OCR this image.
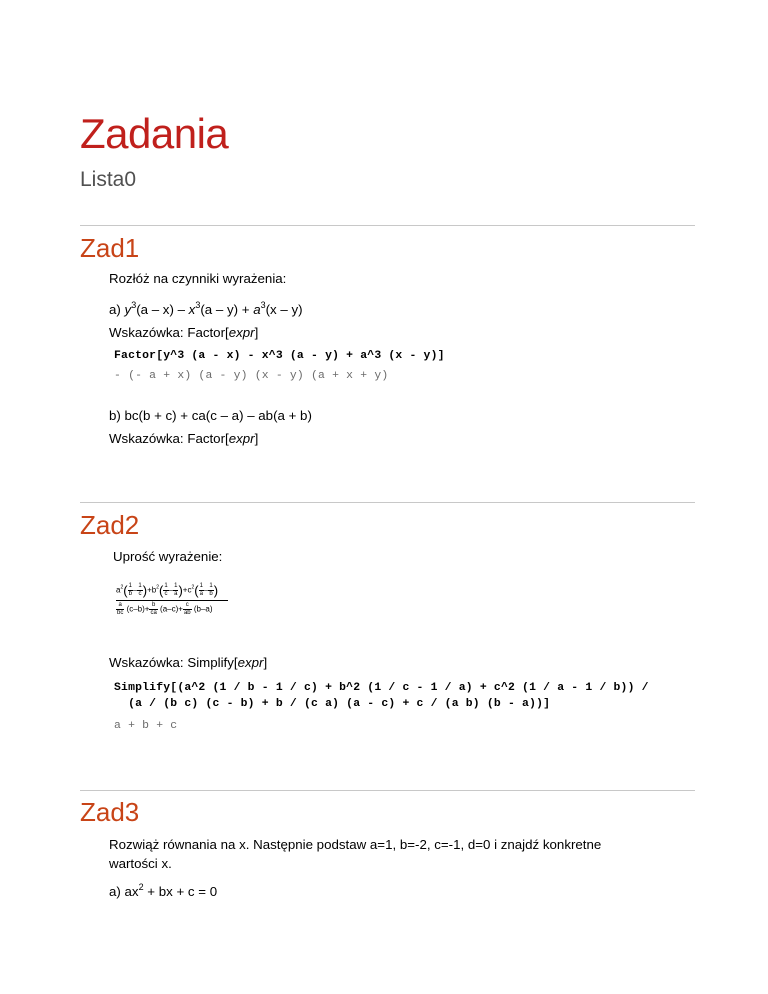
Zadania
Lista0
Zad1
Rozłóż na czynniki wyrażenia:
a) $y^3(a - x) - x^3(a - y) + a^3(x - y)$
Wskazówka: Factor[expr]
Factor[y^3 (a - x) - x^3 (a - y) + a^3 (x - y)]
- (- a + x) (a - y) (x - y) (a + x + y)
b) bc(b + c) + ca(c – a) – ab(a + b)
Wskazówka: Factor[expr]
Zad2
Uprość wyrażenie:
$a^2( \frac{1}{b} - \frac{1}{c} )+b^2( \frac{1}{c} - \frac{1}{a} )+c^2( \frac{1}{a} - \frac{1}{b}$ )
$\frac{a}{bc} (c-b)+ \frac{b}{ca} (a-c)+ \frac{c}{ab} (b-a)$
Wskazówka: Simplify[expr]
Simplify[(a^2 (1 / b - 1 / c) + b^2 (1 / c - 1 / a) + c^2 (1 / a - 1 / b)) /
(a / (b c) (c - b) + b / (c a) (a - c) + c / (a b) (b - a))]
a + b + c
Zad3
Rozwiąż równania na x. Następnie podstaw a=1, b=-2, c=-1, d=0 i znajdź konkretne
wartości x.
a) $ax^2$ + bx + c = 0
